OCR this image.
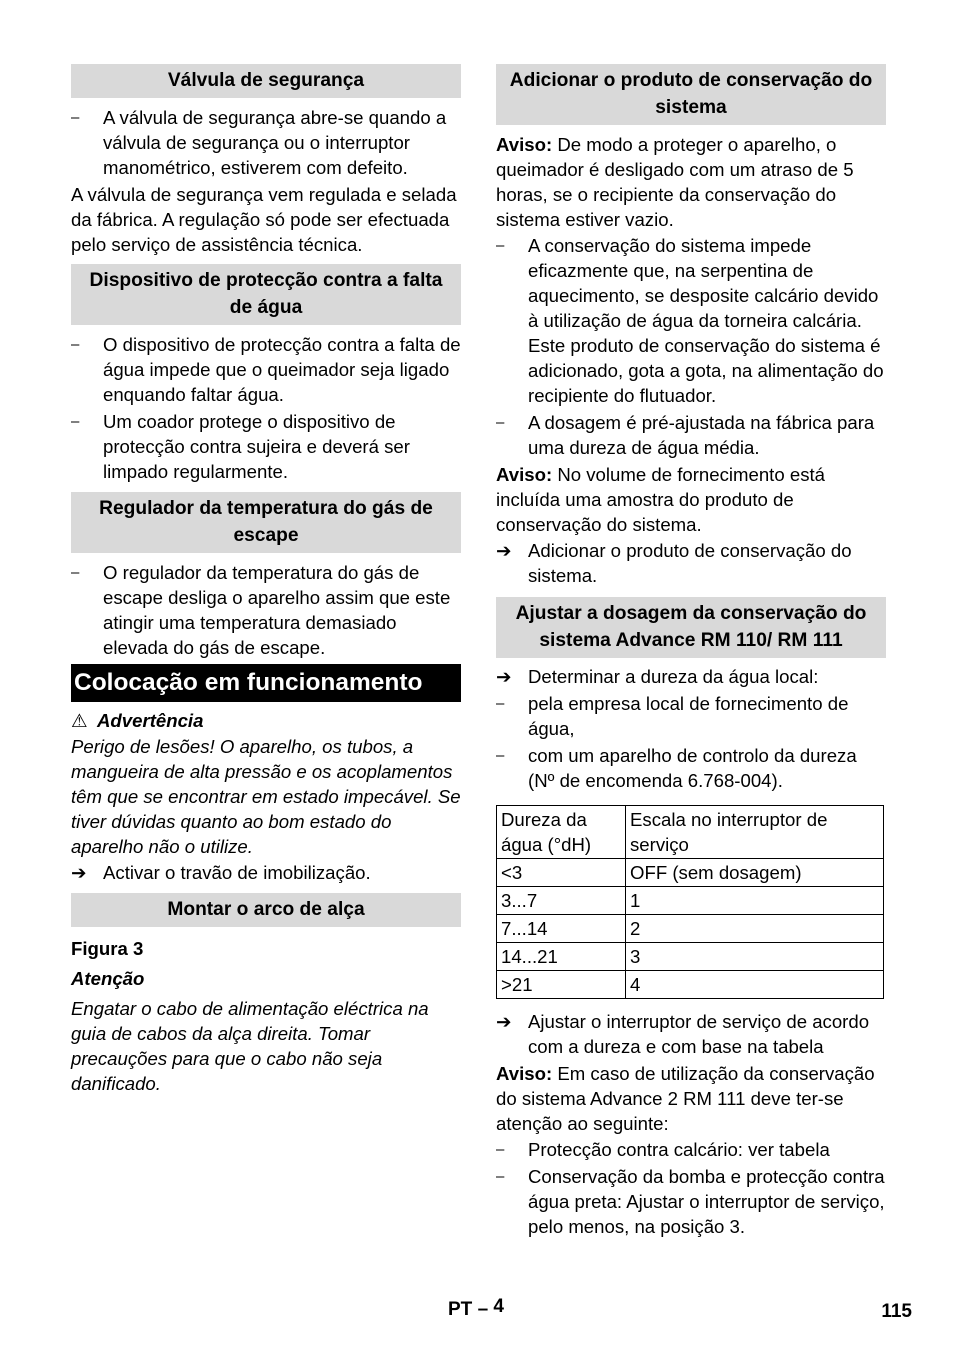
Válvula de segurança
–	A válvula de segurança abre-se quando a válvula de segurança ou o interruptor manométrico, estiverem com defeito.
A válvula de segurança vem regulada e selada da fábrica. A regulação só pode ser efectuada pelo serviço de assistência técnica.
Dispositivo de protecção contra a falta de água
–	O dispositivo de protecção contra a falta de água impede que o queimador seja ligado enquando faltar água.
–	Um coador protege o dispositivo de protecção contra sujeira e deverá ser limpado regularmente.
Regulador da temperatura do gás de escape
–	O regulador da temperatura do gás de escape desliga o aparelho assim que este atingir uma temperatura demasiado elevada do gás de escape.
Colocação em funcionamento
⚠ Advertência
Perigo de lesões! O aparelho, os tubos, a mangueira de alta pressão e os acoplamentos têm que se encontrar em estado impecável. Se tiver dúvidas quanto ao bom estado do aparelho não o utilize.
➔ Activar o travão de imobilização.
Montar o arco de alça
Figura 3
Atenção
Engatar o cabo de alimentação eléctrica na guia de cabos da alça direita. Tomar precauções para que o cabo não seja danificado.
Adicionar o produto de conservação do sistema
Aviso: De modo a proteger o aparelho, o queimador é desligado com um atraso de 5 horas, se o recipiente da conservação do sistema estiver vazio.
–	A conservação do sistema impede eficazmente que, na serpentina de aquecimento, se desposite calcário devido à utilização de água da torneira calcária. Este produto de conservação do sistema é adicionado, gota a gota, na alimentação do recipiente do flutuador.
–	A dosagem é pré-ajustada na fábrica para uma dureza de água média.
Aviso: No volume de fornecimento está incluída uma amostra do produto de conservação do sistema.
➔ Adicionar o produto de conservação do sistema.
Ajustar a dosagem da conservação do sistema Advance RM 110/ RM 111
➔ Determinar a dureza da água local:
–	pela empresa local de fornecimento de água,
–	com um aparelho de controlo da dureza (Nº de encomenda 6.768-004).
Dureza da água (°dH)	Escala no interruptor de serviço
<3	OFF (sem dosagem)
3...7	1
7...14	2
14...21	3
>21	4
➔ Ajustar o interruptor de serviço de acordo com a dureza e com base na tabela
Aviso: Em caso de utilização da conservação do sistema Advance 2 RM 111 deve ter-se atenção ao seguinte:
–	Protecção contra calcário: ver tabela
–	Conservação da bomba e protecção contra água preta: Ajustar o interruptor de serviço, pelo menos, na posição 3.
PT – 4	115
